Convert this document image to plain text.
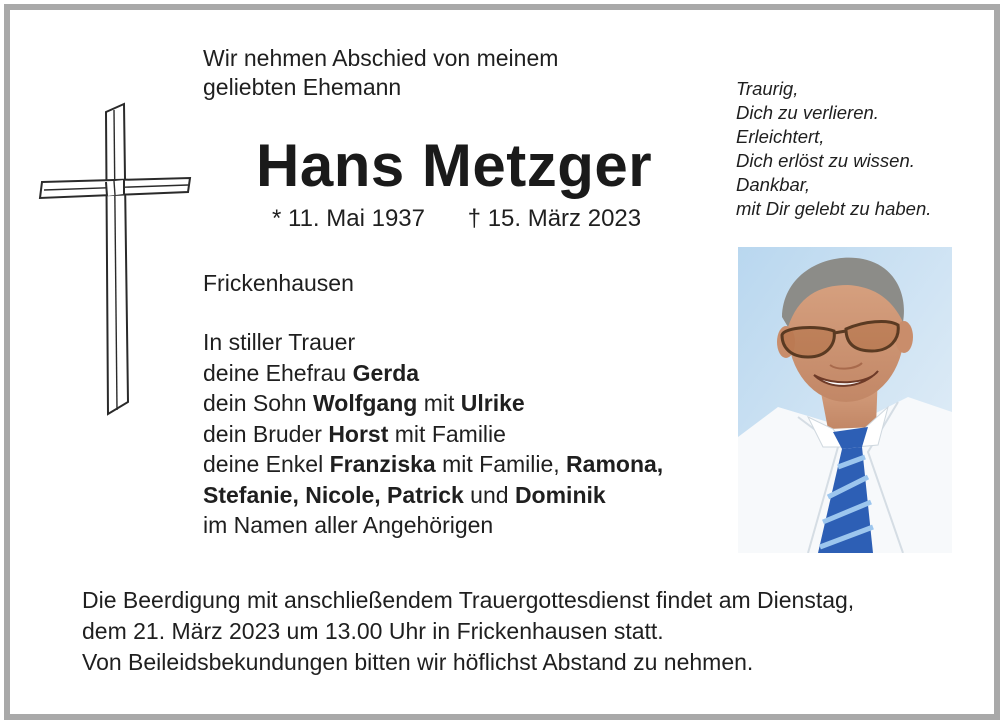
Wir nehmen Abschied von meinem
geliebten Ehemann
Hans Metzger
* 11. Mai 1937 † 15. März 2023
Frickenhausen
In stiller Trauer
deine Ehefrau Gerda
dein Sohn Wolfgang mit Ulrike
dein Bruder Horst mit Familie
deine Enkel Franziska mit Familie, Ramona,
Stefanie, Nicole, Patrick und Dominik
im Namen aller Angehörigen
Traurig,
Dich zu verlieren.
Erleichtert,
Dich erlöst zu wissen.
Dankbar,
mit Dir gelebt zu haben.
Die Beerdigung mit anschließendem Trauergottesdienst findet am Dienstag,
dem 21. März 2023 um 13.00 Uhr in Frickenhausen statt.
Von Beileidsbekundungen bitten wir höflichst Abstand zu nehmen.
